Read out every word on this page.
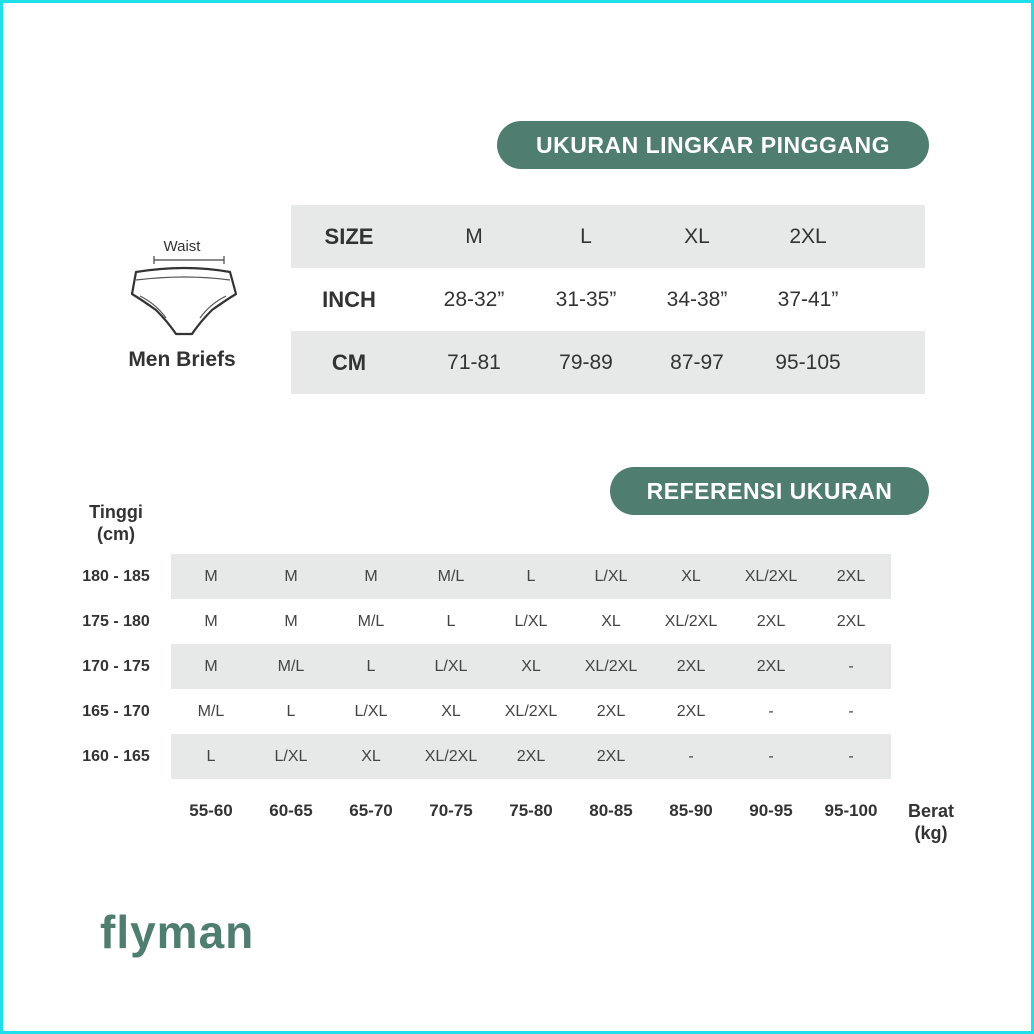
UKURAN LINGKAR PINGGANG
Waist
Men Briefs
SIZE	M	L	XL	2XL
INCH	28-32”	31-35”	34-38”	37-41”
CM	71-81	79-89	87-97	95-105
REFERENSI UKURAN
Tinggi
(cm)
180 - 185	M	M	M	M/L	L	L/XL	XL	XL/2XL	2XL
175 - 180	M	M	M/L	L	L/XL	XL	XL/2XL	2XL	2XL
170 - 175	M	M/L	L	L/XL	XL	XL/2XL	2XL	2XL	-
165 - 170	M/L	L	L/XL	XL	XL/2XL	2XL	2XL	-	-
160 - 165	L	L/XL	XL	XL/2XL	2XL	2XL	-	-	-
55-60	60-65	65-70	70-75	75-80	80-85	85-90	90-95	95-100	Berat
(kg)
flyman
